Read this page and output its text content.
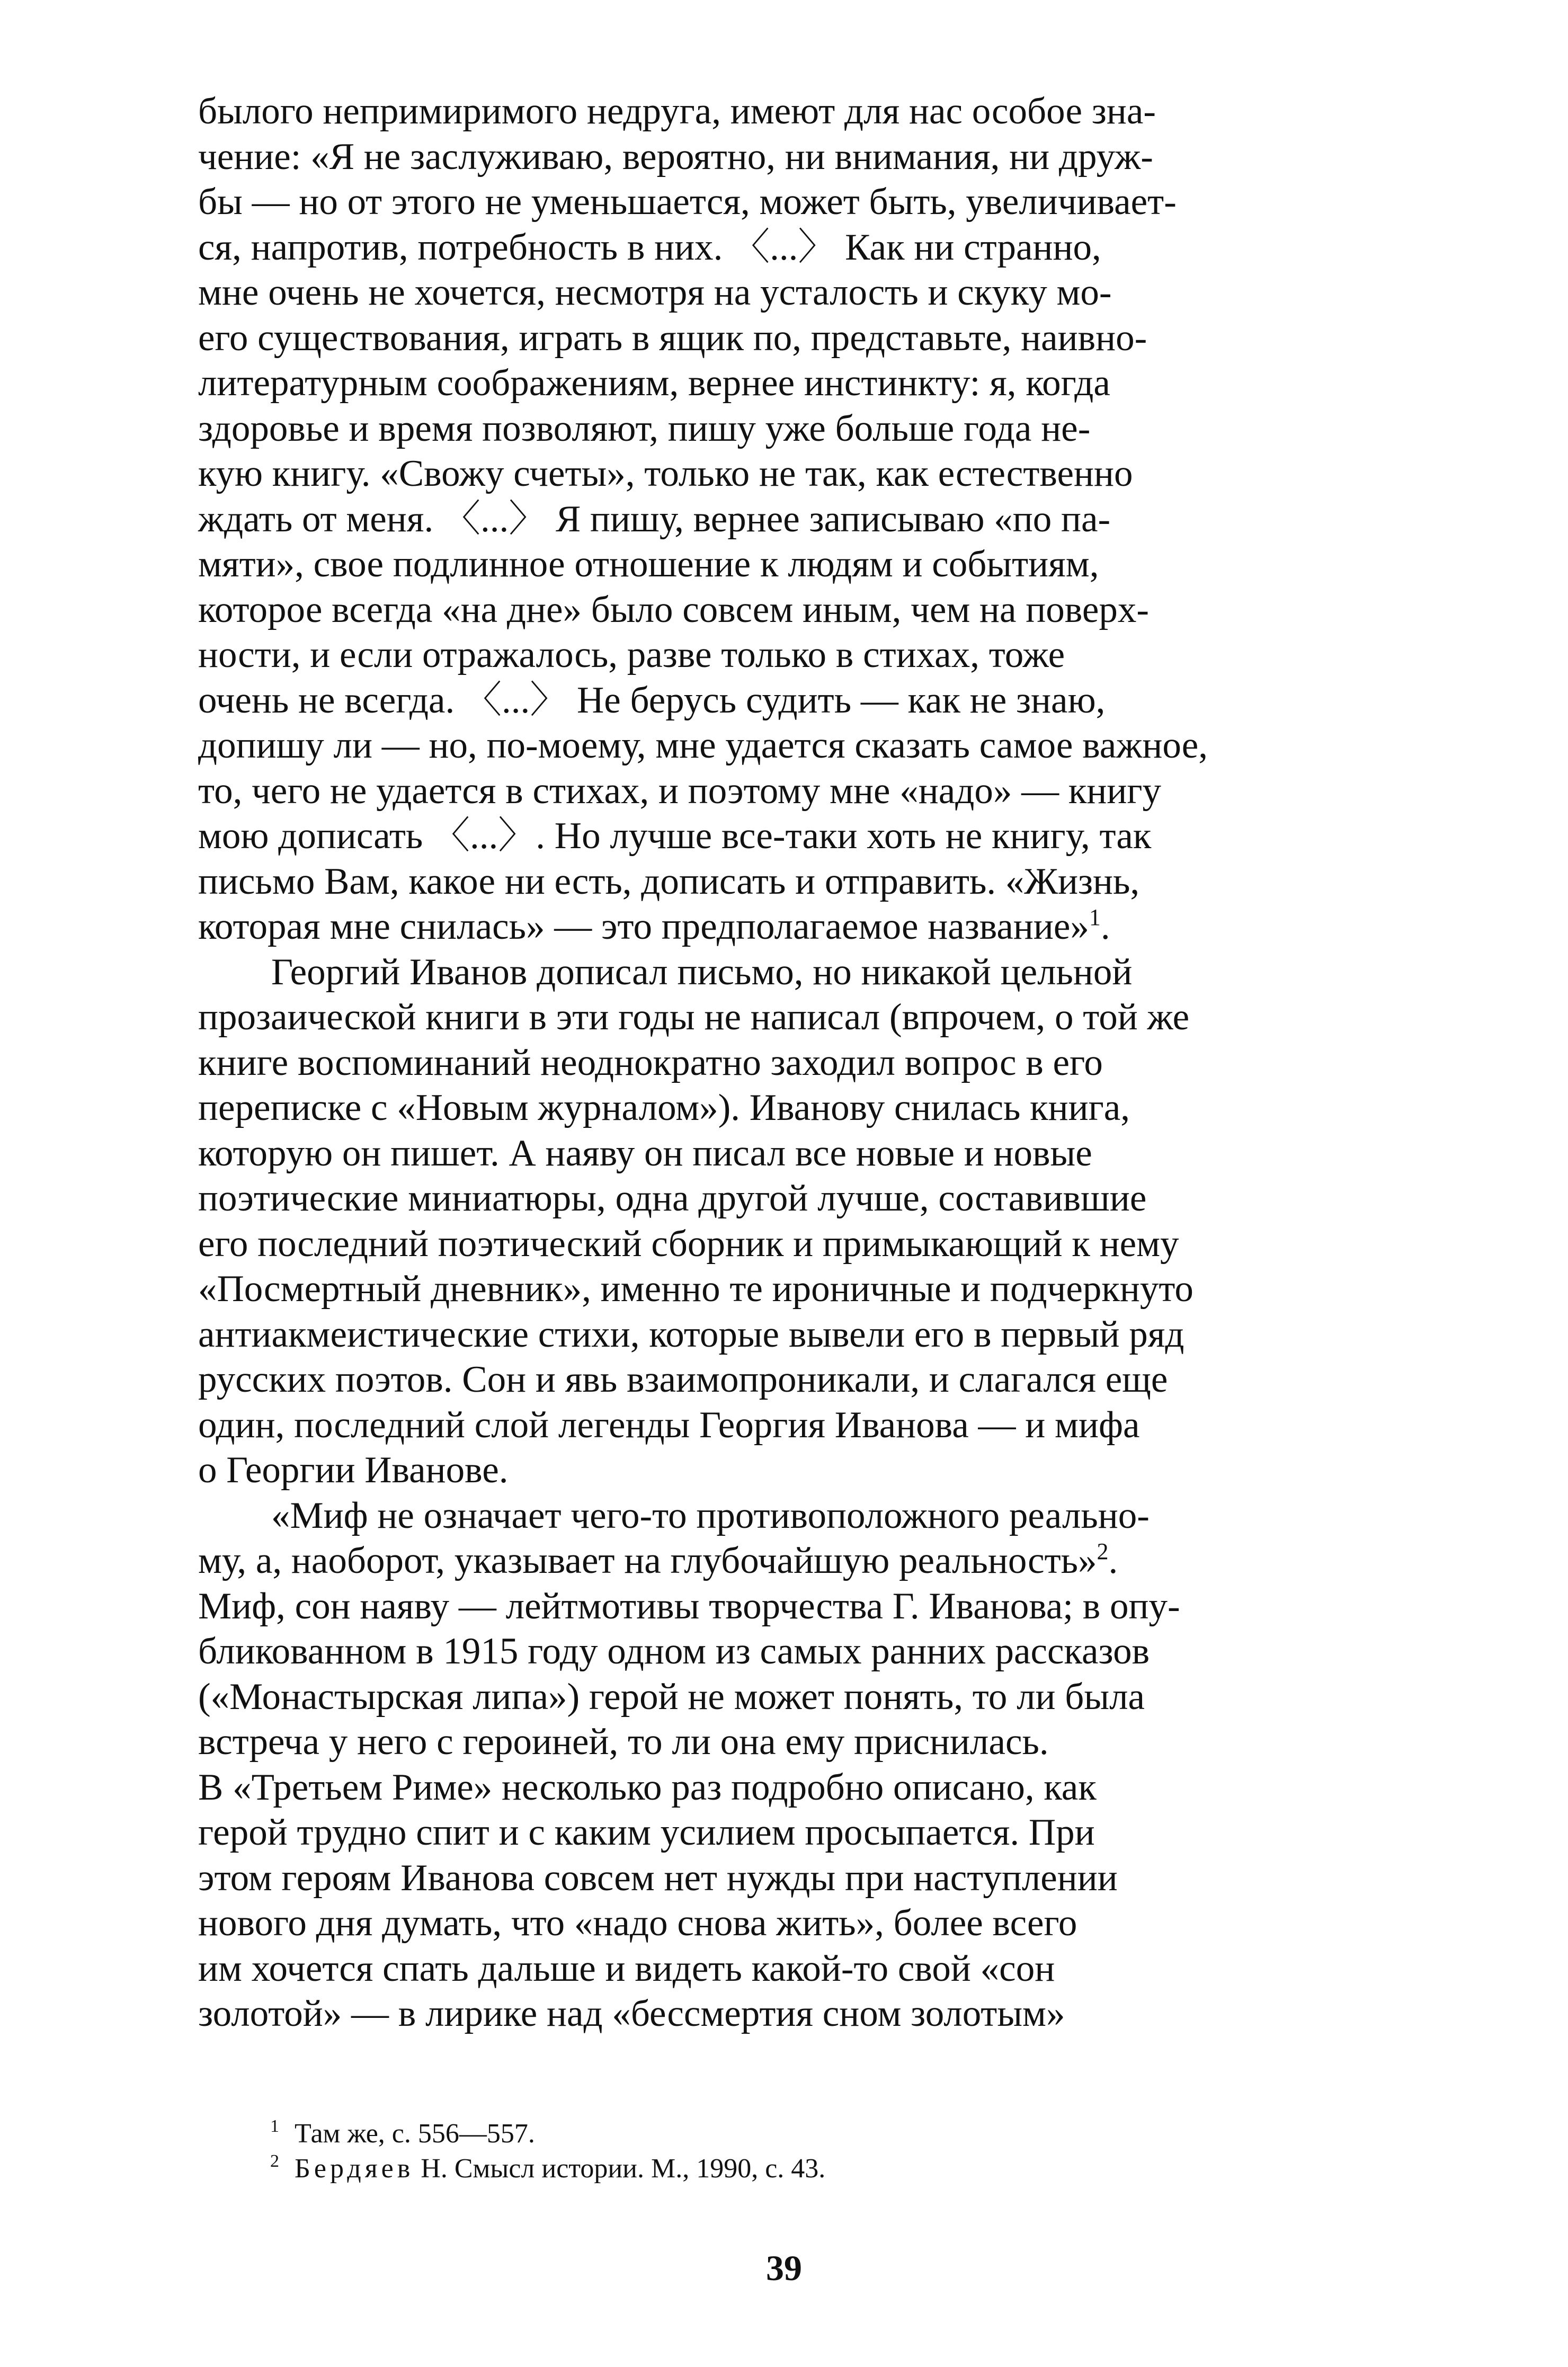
былого непримиримого недруга, имеют для нас особое зна-
чение: «Я не заслуживаю, вероятно, ни внимания, ни друж-
бы — но от этого не уменьшается, может быть, увеличивает-
ся, напротив, потребность в них. 〈...〉 Как ни странно,
мне очень не хочется, несмотря на усталость и скуку мо-
его существования, играть в ящик по, представьте, наивно-
литературным соображениям, вернее инстинкту: я, когда
здоровье и время позволяют, пишу уже больше года не-
кую книгу. «Свожу счеты», только не так, как естественно
ждать от меня. 〈...〉 Я пишу, вернее записываю «по па-
мяти», свое подлинное отношение к людям и событиям,
которое всегда «на дне» было совсем иным, чем на поверх-
ности, и если отражалось, разве только в стихах, тоже
очень не всегда. 〈...〉 Не берусь судить — как не знаю,
допишу ли — но, по-моему, мне удается сказать самое важное,
то, чего не удается в стихах, и поэтому мне «надо» — книгу
мою дописать 〈...〉. Но лучше все-таки хоть не книгу, так
письмо Вам, какое ни есть, дописать и отправить. «Жизнь,
которая мне снилась» — это предполагаемое название»$^1$.
Георгий Иванов дописал письмо, но никакой цельной
прозаической книги в эти годы не написал (впрочем, о той же
книге воспоминаний неоднократно заходил вопрос в его
переписке с «Новым журналом»). Иванову снилась книга,
которую он пишет. А наяву он писал все новые и новые
поэтические миниатюры, одна другой лучше, составившие
его последний поэтический сборник и примыкающий к нему
«Посмертный дневник», именно те ироничные и подчеркнуто
антиакмеистические стихи, которые вывели его в первый ряд
русских поэтов. Сон и явь взаимопроникали, и слагался еще
один, последний слой легенды Георгия Иванова — и мифа
о Георгии Иванове.
«Миф не означает чего-то противоположного реально-
му, а, наоборот, указывает на глубочайшую реальность»$^2$.
Миф, сон наяву — лейтмотивы творчества Г. Иванова; в опу-
бликованном в 1915 году одном из самых ранних рассказов
(«Монастырская липа») герой не может понять, то ли была
встреча у него с героиней, то ли она ему приснилась.
В «Третьем Риме» несколько раз подробно описано, как
герой трудно спит и с каким усилием просыпается. При
этом героям Иванова совсем нет нужды при наступлении
нового дня думать, что «надо снова жить», более всего
им хочется спать дальше и видеть какой-то свой «сон
золотой» — в лирике над «бессмертия сном золотым»
1 Там же, с. 556—557.
2 Бердяев Н. Смысл истории. М., 1990, с. 43.
39
